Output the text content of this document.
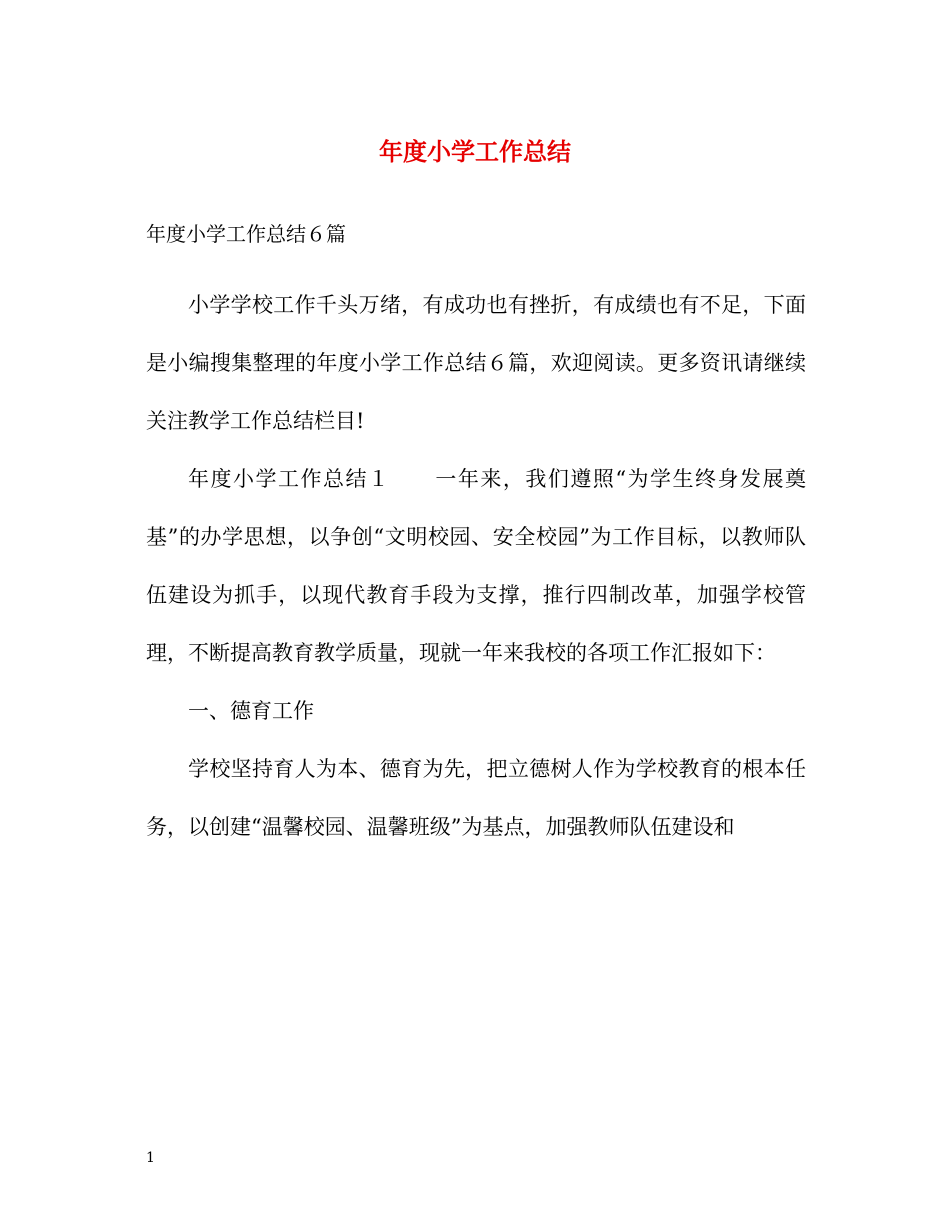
年度小学工作总结
年度小学工作总结６篇

小学学校工作千头万绪，有成功也有挫折，有成绩也有不足，下面是小编搜集整理的年度小学工作总结６篇，欢迎阅读。更多资讯请继续关注教学工作总结栏目!

年度小学工作总结１　　一年来，我们遵照“为学生终身发展奠基”的办学思想，以争创“文明校园、安全校园”为工作目标，以教师队伍建设为抓手，以现代教育手段为支撑，推行四制改革，加强学校管理，不断提高教育教学质量，现就一年来我校的各项工作汇报如下：

一、德育工作

学校坚持育人为本、德育为先，把立德树人作为学校教育的根本任务，以创建“温馨校园、温馨班级”为基点，加强教师队伍建设和

1
